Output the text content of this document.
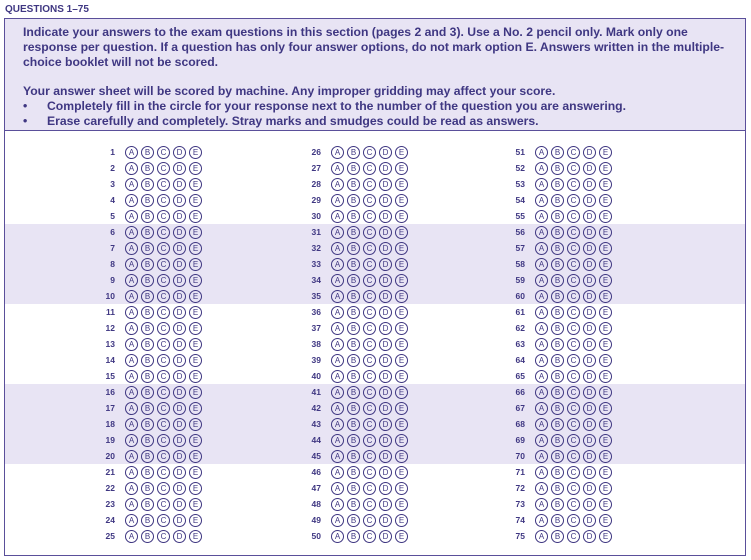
QUESTIONS 1–75

Indicate your answers to the exam questions in this section (pages 2 and 3). Use a No. 2 pencil only. Mark only one response per question. If a question has only four answer options, do not mark option E. Answers written in the multiple-choice booklet will not be scored.

Your answer sheet will be scored by machine. Any improper gridding may affect your score.

•	Completely fill in the circle for your response next to the number of the question you are answering.
•	Erase carefully and completely. Stray marks and smudges could be read as answers.
1	A	B	C	D	E
2	A	B	C	D	E
3	A	B	C	D	E
4	A	B	C	D	E
5	A	B	C	D	E
6	A	B	C	D	E
7	A	B	C	D	E
8	A	B	C	D	E
9	A	B	C	D	E
10	A	B	C	D	E
11	A	B	C	D	E
12	A	B	C	D	E
13	A	B	C	D	E
14	A	B	C	D	E
15	A	B	C	D	E
16	A	B	C	D	E
17	A	B	C	D	E
18	A	B	C	D	E
19	A	B	C	D	E
20	A	B	C	D	E
21	A	B	C	D	E
22	A	B	C	D	E
23	A	B	C	D	E
24	A	B	C	D	E
25	A	B	C	D	E
26	A	B	C	D	E
27	A	B	C	D	E
28	A	B	C	D	E
29	A	B	C	D	E
30	A	B	C	D	E
31	A	B	C	D	E
32	A	B	C	D	E
33	A	B	C	D	E
34	A	B	C	D	E
35	A	B	C	D	E
36	A	B	C	D	E
37	A	B	C	D	E
38	A	B	C	D	E
39	A	B	C	D	E
40	A	B	C	D	E
41	A	B	C	D	E
42	A	B	C	D	E
43	A	B	C	D	E
44	A	B	C	D	E
45	A	B	C	D	E
46	A	B	C	D	E
47	A	B	C	D	E
48	A	B	C	D	E
49	A	B	C	D	E
50	A	B	C	D	E
51	A	B	C	D	E
52	A	B	C	D	E
53	A	B	C	D	E
54	A	B	C	D	E
55	A	B	C	D	E
56	A	B	C	D	E
57	A	B	C	D	E
58	A	B	C	D	E
59	A	B	C	D	E
60	A	B	C	D	E
61	A	B	C	D	E
62	A	B	C	D	E
63	A	B	C	D	E
64	A	B	C	D	E
65	A	B	C	D	E
66	A	B	C	D	E
67	A	B	C	D	E
68	A	B	C	D	E
69	A	B	C	D	E
70	A	B	C	D	E
71	A	B	C	D	E
72	A	B	C	D	E
73	A	B	C	D	E
74	A	B	C	D	E
75	A	B	C	D	E
